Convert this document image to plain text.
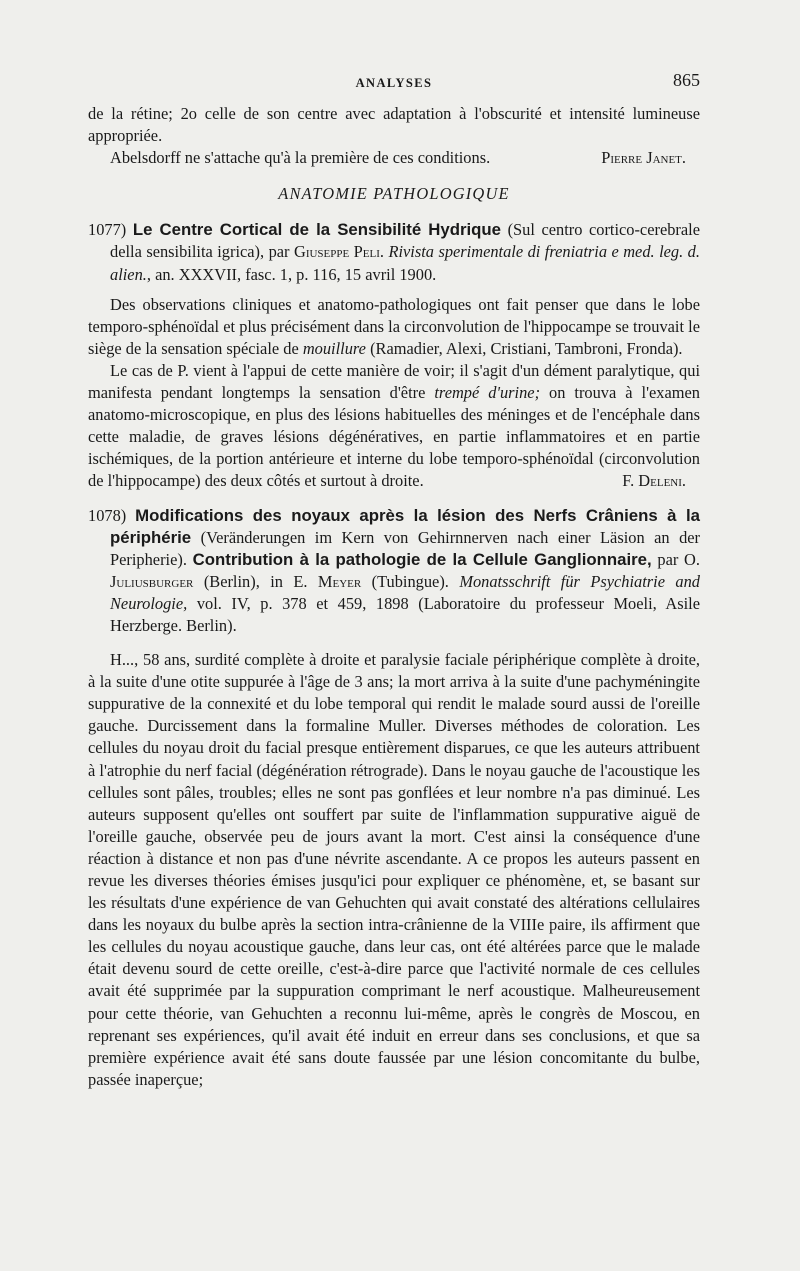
ANALYSES	865

de la rétine; 2o celle de son centre avec adaptation à l'obscurité et intensité lumineuse appropriée.

Abelsdorff ne s'attache qu'à la première de ces conditions.	Pierre Janet.

ANATOMIE PATHOLOGIQUE

1077) Le Centre Cortical de la Sensibilité Hydrique (Sul centro cortico-cerebrale della sensibilita igrica), par Giuseppe Peli. Rivista sperimentale di freniatria e med. leg. d. alien., an. XXXVII, fasc. 1, p. 116, 15 avril 1900.

Des observations cliniques et anatomo-pathologiques ont fait penser que dans le lobe temporo-sphénoïdal et plus précisément dans la circonvolution de l'hippocampe se trouvait le siège de la sensation spéciale de mouillure (Ramadier, Alexi, Cristiani, Tambroni, Fronda).

Le cas de P. vient à l'appui de cette manière de voir; il s'agit d'un dément paralytique, qui manifesta pendant longtemps la sensation d'être trempé d'urine; on trouva à l'examen anatomo-microscopique, en plus des lésions habituelles des méninges et de l'encéphale dans cette maladie, de graves lésions dégénératives, en partie inflammatoires et en partie ischémiques, de la portion antérieure et interne du lobe temporo-sphénoïdal (circonvolution de l'hippocampe) des deux côtés et surtout à droite.	F. Deleni.

1078) Modifications des noyaux après la lésion des Nerfs Crâniens à la périphérie (Veränderungen im Kern von Gehirnnerven nach einer Läsion an der Peripherie). Contribution à la pathologie de la Cellule Ganglionnaire, par O. Juliusburger (Berlin), in E. Meyer (Tubingue). Monatsschrift für Psychiatrie and Neurologie, vol. IV, p. 378 et 459, 1898 (Laboratoire du professeur Moeli, Asile Herzberge. Berlin).

H..., 58 ans, surdité complète à droite et paralysie faciale périphérique complète à droite, à la suite d'une otite suppurée à l'âge de 3 ans; la mort arriva à la suite d'une pachyméningite suppurative de la connexité et du lobe temporal qui rendit le malade sourd aussi de l'oreille gauche. Durcissement dans la formaline Muller. Diverses méthodes de coloration. Les cellules du noyau droit du facial presque entièrement disparues, ce que les auteurs attribuent à l'atrophie du nerf facial (dégénération rétrograde). Dans le noyau gauche de l'acoustique les cellules sont pâles, troubles; elles ne sont pas gonflées et leur nombre n'a pas diminué. Les auteurs supposent qu'elles ont souffert par suite de l'inflammation suppurative aiguë de l'oreille gauche, observée peu de jours avant la mort. C'est ainsi la conséquence d'une réaction à distance et non pas d'une névrite ascendante. A ce propos les auteurs passent en revue les diverses théories émises jusqu'ici pour expliquer ce phénomène, et, se basant sur les résultats d'une expérience de van Gehuchten qui avait constaté des altérations cellulaires dans les noyaux du bulbe après la section intra-crânienne de la VIIIe paire, ils affirment que les cellules du noyau acoustique gauche, dans leur cas, ont été altérées parce que le malade était devenu sourd de cette oreille, c'est-à-dire parce que l'activité normale de ces cellules avait été supprimée par la suppuration comprimant le nerf acoustique. Malheureusement pour cette théorie, van Gehuchten a reconnu lui-même, après le congrès de Moscou, en reprenant ses expériences, qu'il avait été induit en erreur dans ses conclusions, et que sa première expérience avait été sans doute faussée par une lésion concomitante du bulbe, passée inaperçue;
